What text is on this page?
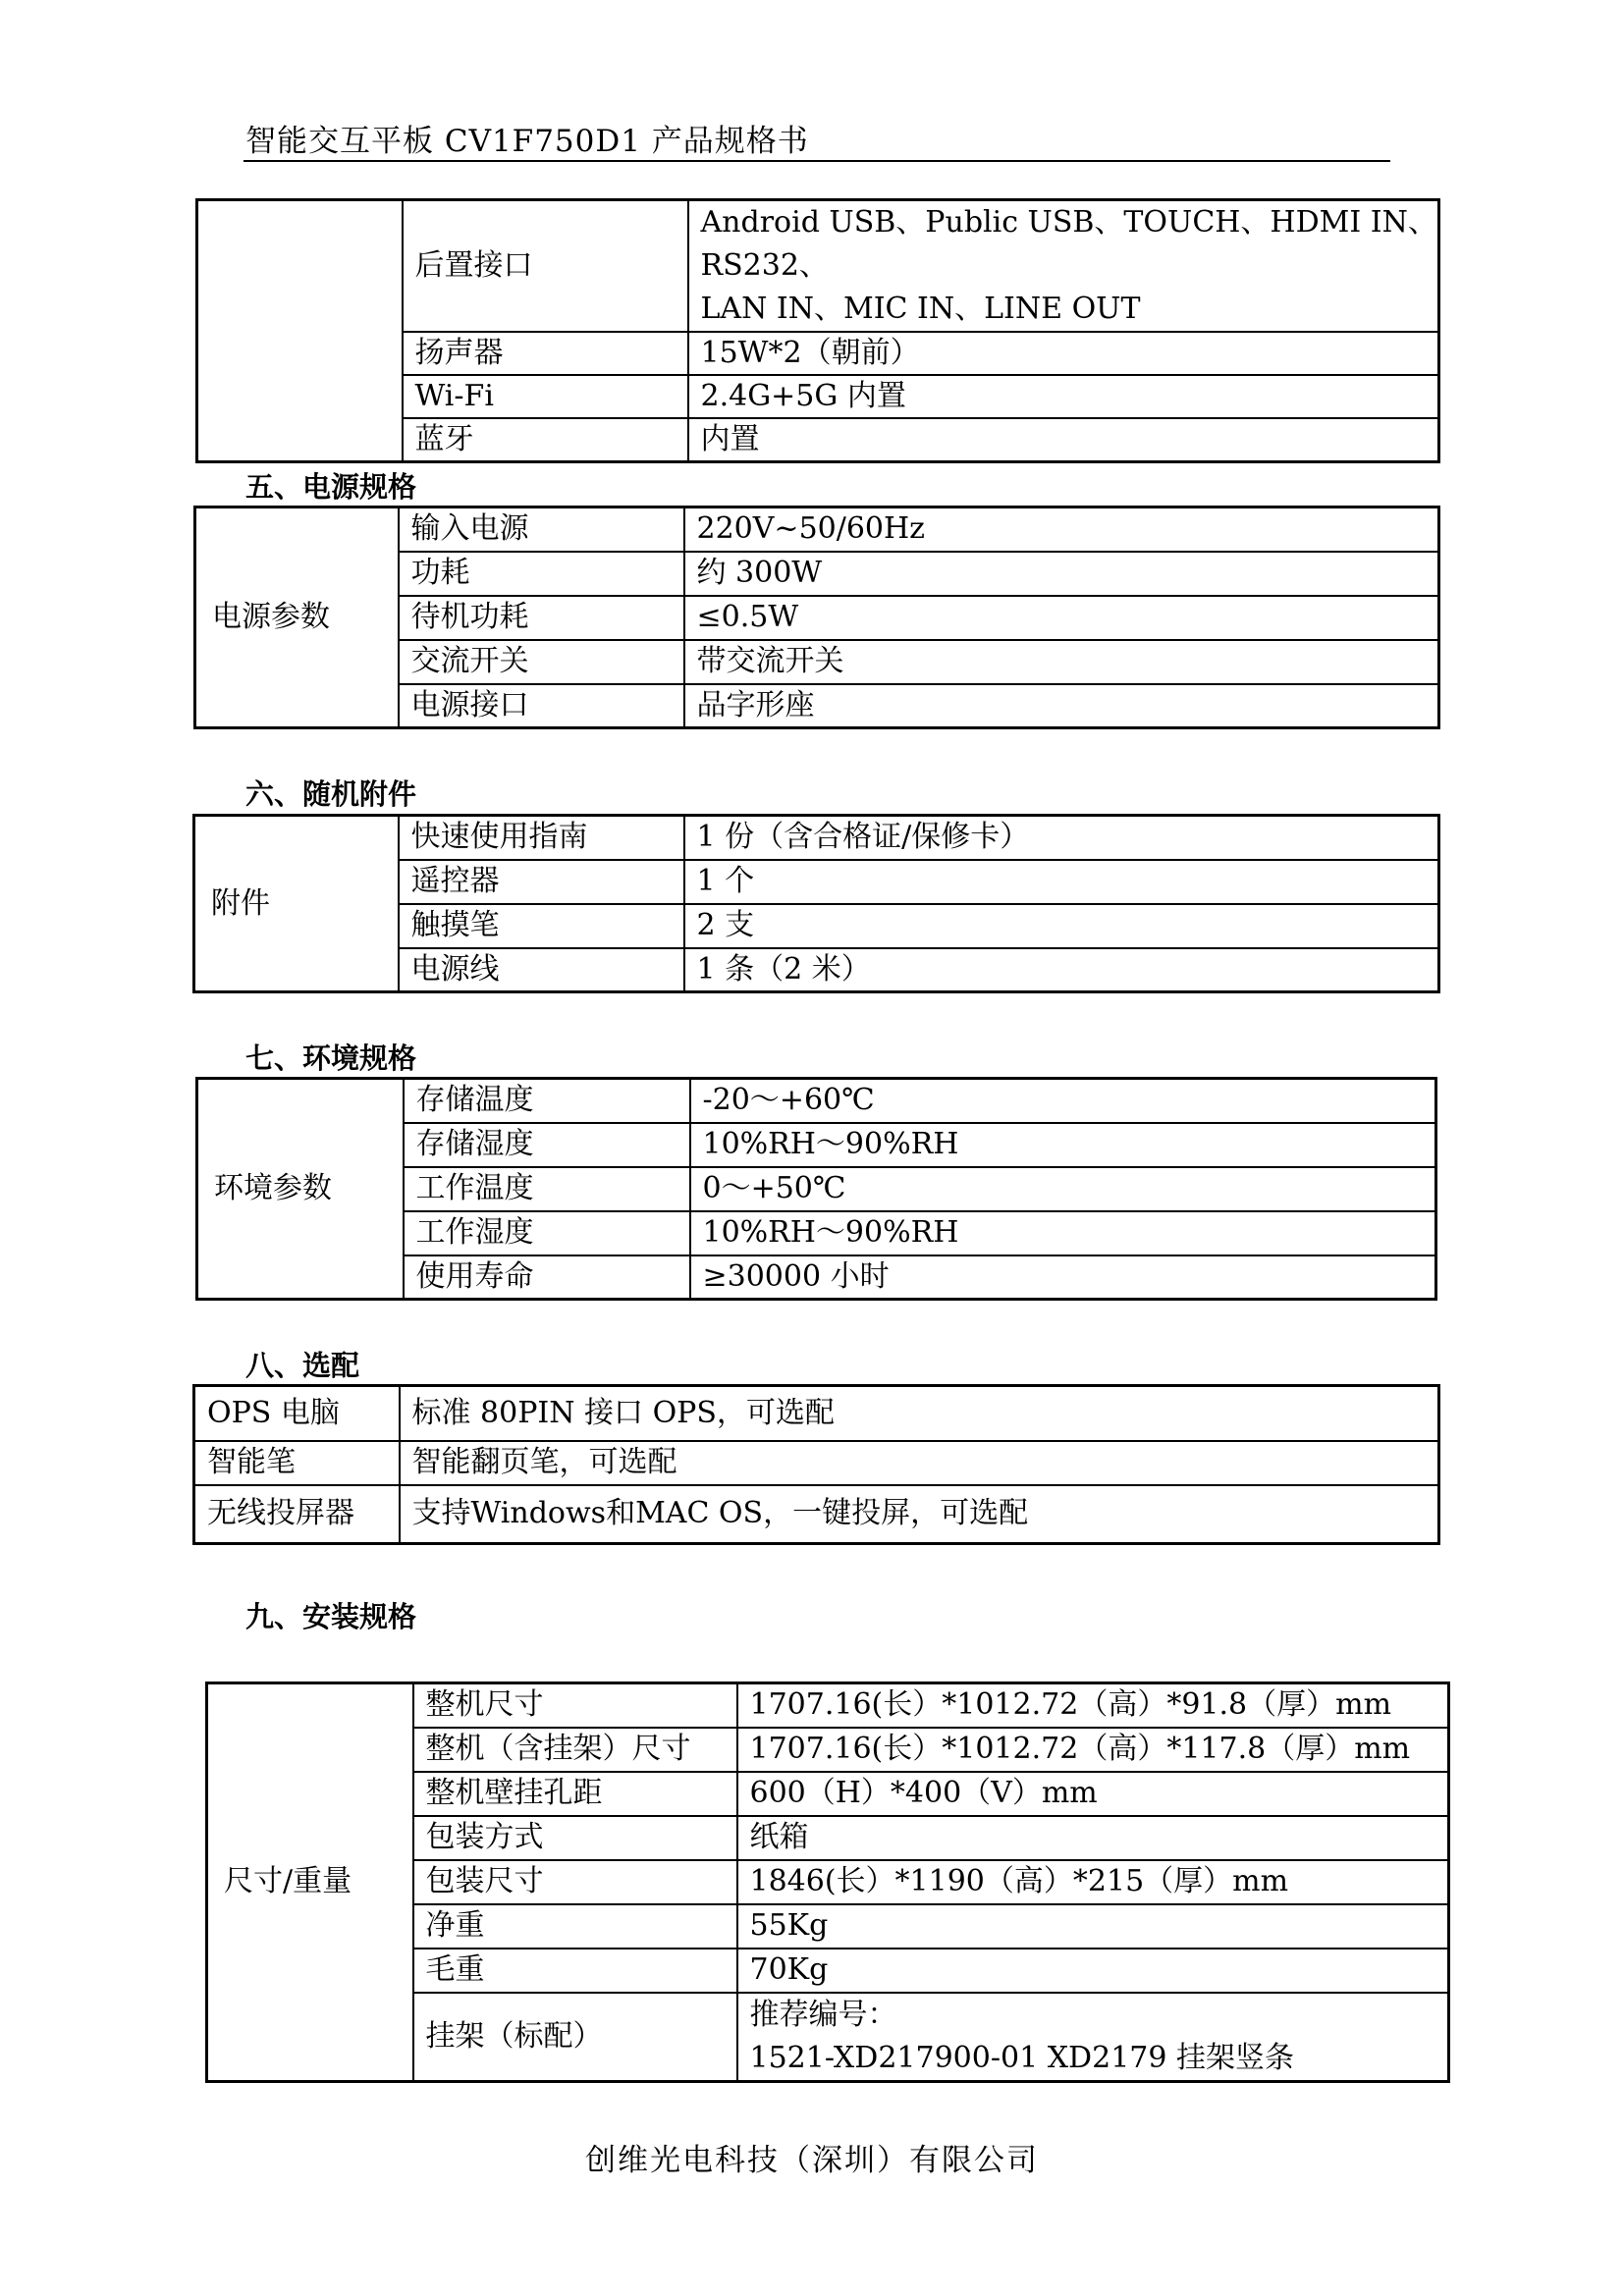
智能交互平板 CV1F750D1 产品规格书
	后置接口	Android USB、Public USB、TOUCH、HDMI IN、RS232、
LAN IN、MIC IN、LINE OUT

	扬声器	15W*2（朝前）
	Wi-Fi	2.4G+5G 内置
	蓝牙	内置
五、电源规格
电源参数	输入电源	220V~50/60Hz
	功耗	约 300W
	待机功耗	≤0.5W
	交流开关	带交流开关
	电源接口	品字形座
六、随机附件
附件	快速使用指南	1 份（含合格证/保修卡）
	遥控器	1 个
	触摸笔	2 支
	电源线	1 条（2 米）
七、环境规格
环境参数	存储温度	-20～+60℃
	存储湿度	10%RH～90%RH
	工作温度	0～+50℃
	工作湿度	10%RH～90%RH
	使用寿命	≥30000 小时
八、选配
OPS 电脑	标准 80PIN 接口 OPS，可选配
智能笔	智能翻页笔，可选配
无线投屏器	支持Windows和MAC OS，一键投屏，可选配
九、安装规格
尺寸/重量	整机尺寸	1707.16(长）*1012.72（高）*91.8（厚）mm
	整机（含挂架）尺寸	1707.16(长）*1012.72（高）*117.8（厚）mm
	整机壁挂孔距	600（H）*400（V）mm
	包装方式	纸箱
	包装尺寸	1846(长）*1190（高）*215（厚）mm
	净重	55Kg
	毛重	70Kg
	挂架（标配）	推荐编号：
1521-XD217900-01 XD2179 挂架竖条
创维光电科技（深圳）有限公司
